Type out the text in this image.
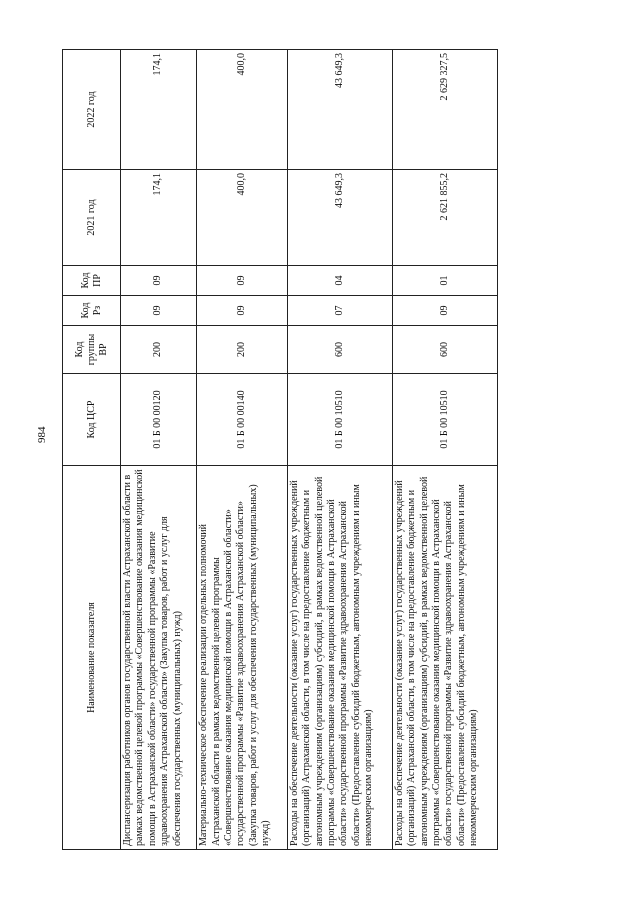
984
Наименование показателя	Код ЦСР	Код группы ВР	Код Рз	Код ПР	2021 год	2022 год
Диспансеризация работников органов государственной власти Астраханской области в рамках ведомственной целевой программы «Совершенствование оказания медицинской помощи в Астраханской области» государственной программы «Развитие здравоохранения Астраханской области» (Закупка товаров, работ и услуг для обеспечения государственных (муниципальных) нужд)	01 Б 00 00120	200	09	09	174,1	174,1
Материально-техническое обеспечение реализации отдельных полномочий Астраханской области в рамках ведомственной целевой программы «Совершенствование оказания медицинской помощи в Астраханской области» государственной программы «Развитие здравоохранения Астраханской области» (Закупка товаров, работ и услуг для обеспечения государственных (муниципальных) нужд)	01 Б 00 00140	200	09	09	400,0	400,0
Расходы на обеспечение деятельности (оказание услуг) государственных учреждений (организаций) Астраханской области, в том числе на предоставление бюджетным и автономным учреждениям (организациям) субсидий, в рамках ведомственной целевой программы «Совершенствование оказания медицинской помощи в Астраханской области» государственной программы «Развитие здравоохранения Астраханской области» (Предоставление субсидий бюджетным, автономным учреждениям и иным некоммерческим организациям)	01 Б 00 10510	600	07	04	43 649,3	43 649,3
Расходы на обеспечение деятельности (оказание услуг) государственных учреждений (организаций) Астраханской области, в том числе на предоставление бюджетным и автономным учреждениям (организациям) субсидий, в рамках ведомственной целевой программы «Совершенствование оказания медицинской помощи в Астраханской области» государственной программы «Развитие здравоохранения Астраханской области» (Предоставление субсидий бюджетным, автономным учреждениям и иным некоммерческим организациям)	01 Б 00 10510	600	09	01	2 621 855,2	2 629 327,5
